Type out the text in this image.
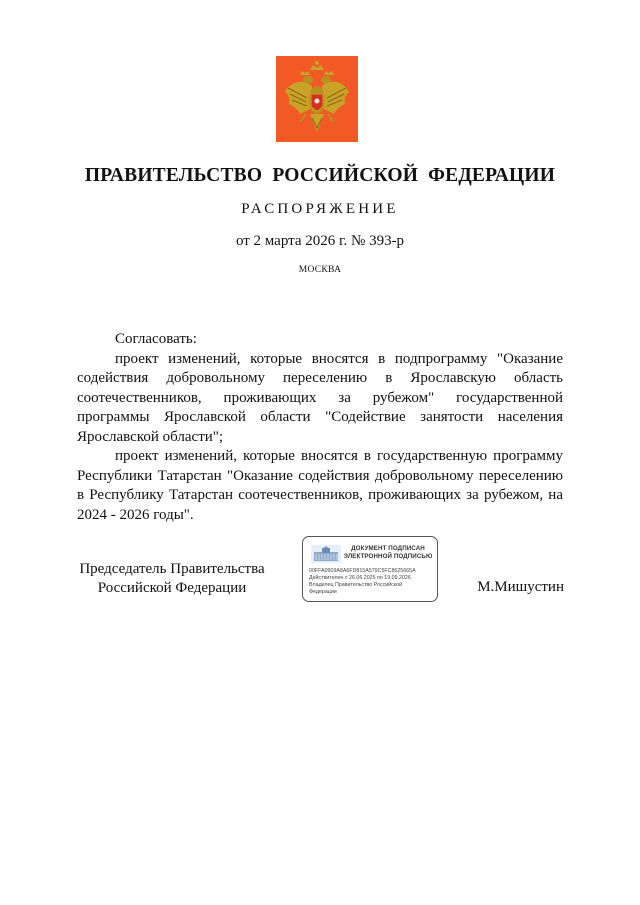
ПРАВИТЕЛЬСТВО РОССИЙСКОЙ ФЕДЕРАЦИИ
РАСПОРЯЖЕНИЕ
от 2 марта 2026 г. № 393-р
МОСКВА

Согласовать:

проект изменений, которые вносятся в подпрограмму "Оказание содействия добровольному переселению в Ярославскую область соотечественников, проживающих за рубежом" государственной программы Ярославской области "Содействие занятости населения Ярославской области";

проект изменений, которые вносятся в государственную программу Республики Татарстан "Оказание содействия добровольному переселению в Республику Татарстан соотечественников, проживающих за рубежом, на 2024 - 2026 годы".

Председатель Правительства
Российской Федерации
ДОКУМЕНТ ПОДПИСАН
ЭЛЕКТРОННОЙ ПОДПИСЬЮ
00FFA0909A8A6FD815A579C5FC8625665A
Действителен с 26.06.2025 по 19.09.2026
Владелец Правительство Российской Федерации	М.Мишустин
